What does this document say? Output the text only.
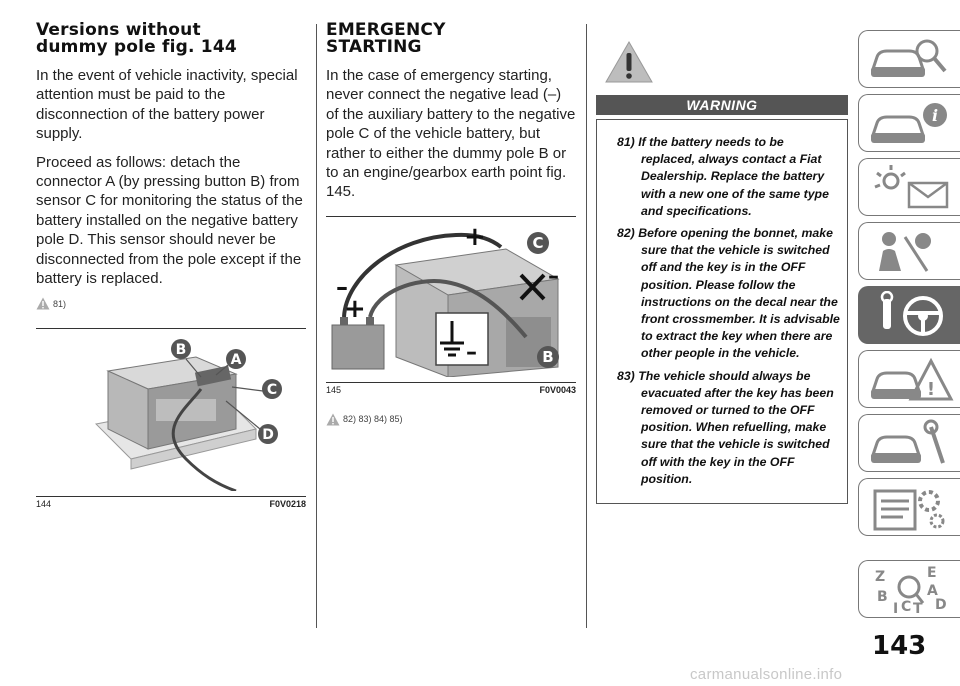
Versions without
dummy pole fig. 144

In the event of vehicle inactivity, special attention must be paid to the disconnection of the battery power supply.

Proceed as follows: detach the connector A (by pressing button B) from sensor C for monitoring the status of the battery installed on the negative battery pole D. This sensor should never be disconnected from the pole except if the battery is replaced.

81)
B
A
C
D
144	F0V0218
EMERGENCY
STARTING

In the case of emergency starting, never connect the negative lead (–) of the auxiliary battery to the negative pole C of the vehicle battery, but rather to either the dummy pole B or to an engine/gearbox earth point fig. 145.

+
–
+
–
–
C
B
145	F0V0043
82) 83) 84) 85)
WARNING

81) If the battery needs to be replaced, always contact a Fiat Dealership. Replace the battery with a new one of the same type and specifications.

82) Before opening the bonnet, make sure that the vehicle is switched off and the key is in the OFF position. Please follow the instructions on the decal near the front crossmember. It is advisable to extract the key when there are other people in the vehicle.

83) The vehicle should always be evacuated after the key has been removed or turned to the OFF position. When refuelling, make sure that the vehicle is switched off with the key in the OFF position.

i
!
Z	E
A
B
C T D
I
143
carmanualsonline.info
